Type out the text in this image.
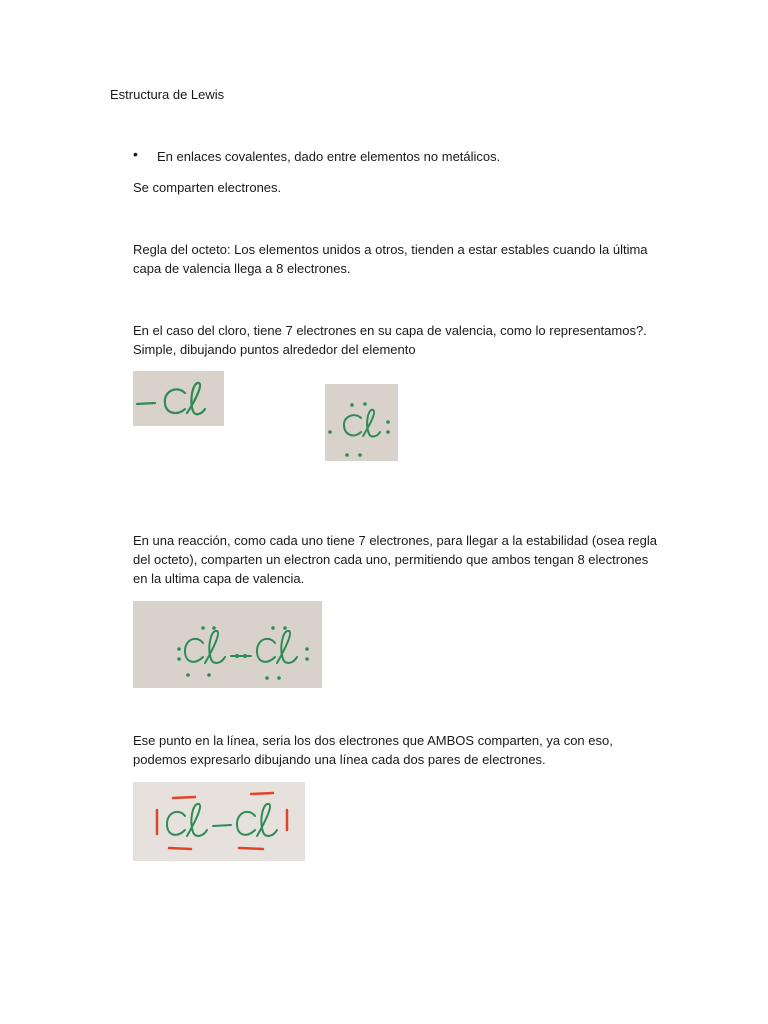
Estructura de Lewis
• En enlaces covalentes, dado entre elementos no metálicos.
Se comparten electrones.
Regla del octeto: Los elementos unidos a otros, tienden a estar estables cuando la última
capa de valencia llega a 8 electrones.
En el caso del cloro, tiene 7 electrones en su capa de valencia, como lo representamos?.
Simple, dibujando puntos alrededor del elemento
En una reacción, como cada uno tiene 7 electrones, para llegar a la estabilidad (osea regla
del octeto), comparten un electron cada uno, permitiendo que ambos tengan 8 electrones
en la ultima capa de valencia.
Ese punto en la línea, seria los dos electrones que AMBOS comparten, ya con eso,
podemos expresarlo dibujando una línea cada dos pares de electrones.
